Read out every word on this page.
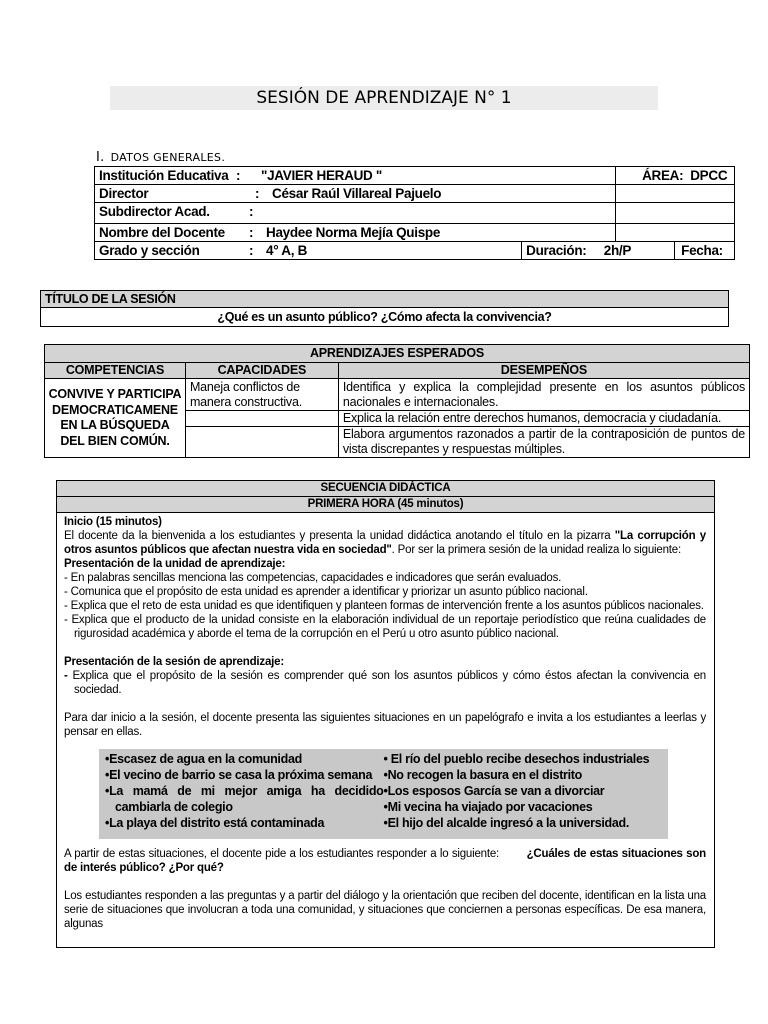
SESIÓN DE APRENDIZAJE N° 1
I. DATOS GENERALES.
Institución Educativa : "JAVIER HERAUD "	ÁREA: DPCC

Director	: César Raúl Villareal Pajuelo	
Subdirector Acad.	:	
Nombre del Docente : Haydee Norma Mejía Quispe	
Grado y sección	: 4° A, B		Duración: 2h/P	Fecha:
TÍTULO DE LA SESIÓN
¿Qué es un asunto público? ¿Cómo afecta la convivencia?
APRENDIZAJES ESPERADOS		
COMPETENCIAS	CAPACIDADES	DESEMPEÑOS
CONVIVE Y PARTICIPA DEMOCRATICAMENE EN LA BÚSQUEDA DEL BIEN COMÚN.	Maneja conflictos de manera constructiva.	Identifica y explica la complejidad presente en los asuntos públicos nacionales e internacionales.
		Explica la relación entre derechos humanos, democracia y ciudadanía.
		Elabora argumentos razonados a partir de la contraposición de puntos de vista discrepantes y respuestas múltiples.
SECUENCIA DIDÁCTICA
PRIMERA HORA (45 minutos)

Inicio (15 minutos)

El docente da la bienvenida a los estudiantes y presenta la unidad didáctica anotando el título en la pizarra "La corrupción y otros asuntos públicos que afectan nuestra vida en sociedad". Por ser la primera sesión de la unidad realiza lo siguiente:

Presentación de la unidad de aprendizaje:

- En palabras sencillas menciona las competencias, capacidades e indicadores que serán evaluados.

- Comunica que el propósito de esta unidad es aprender a identificar y priorizar un asunto público nacional.

- Explica que el reto de esta unidad es que identifiquen y planteen formas de intervención frente a los asuntos públicos nacionales.

- Explica que el producto de la unidad consiste en la elaboración individual de un reportaje periodístico que reúna cualidades de rigurosidad académica y aborde el tema de la corrupción en el Perú u otro asunto público nacional.

Presentación de la sesión de aprendizaje:

- Explica que el propósito de la sesión es comprender qué son los asuntos públicos y cómo éstos afectan la convivencia en sociedad.

Para dar inicio a la sesión, el docente presenta las siguientes situaciones en un papelógrafo e invita a los estudiantes a leerlas y pensar en ellas.

•Escasez de agua en la comunidad
•El vecino de barrio se casa la próxima semana
•La mamá de mi mejor amiga ha decidido cambiarla de colegio
•La playa del distrito está contaminada
• El río del pueblo recibe desechos industriales
•No recogen la basura en el distrito
•Los esposos García se van a divorciar
•Mi vecina ha viajado por vacaciones
•El hijo del alcalde ingresó a la universidad.

A partir de estas situaciones, el docente pide a los estudiantes responder a lo siguiente: ¿Cuáles de estas situaciones son de interés público? ¿Por qué?

Los estudiantes responden a las preguntas y a partir del diálogo y la orientación que reciben del docente, identifican en la lista una serie de situaciones que involucran a toda una comunidad, y situaciones que conciernen a personas específicas. De esa manera, algunas
